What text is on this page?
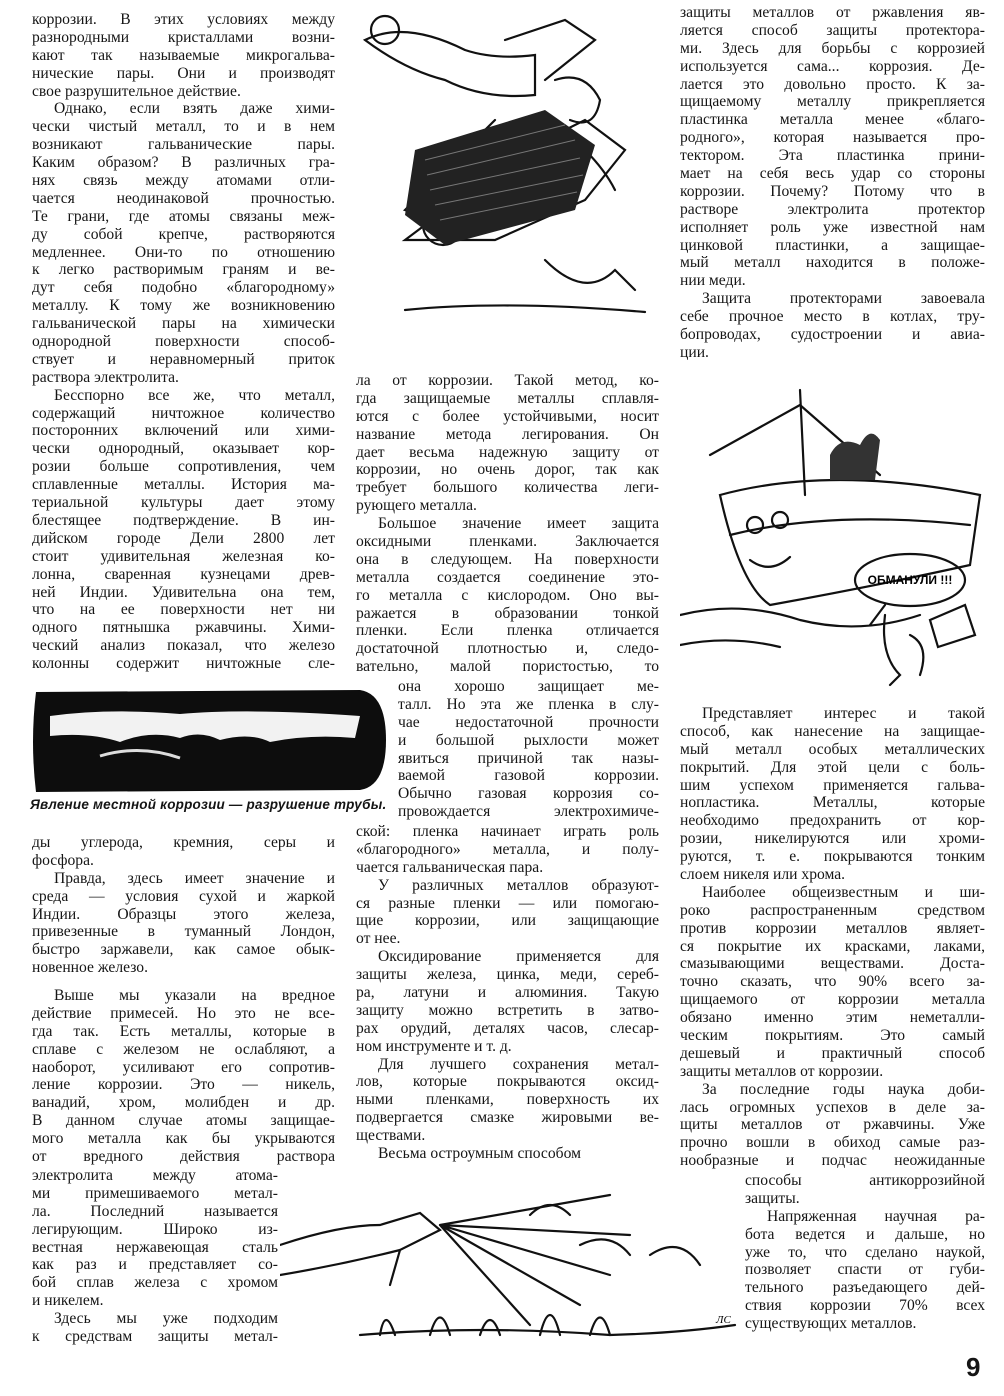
коррозии. В этих условиях между
разнородными кристаллами возни-
кают так называемые микрогальва-
нические пары. Они и производят
свое разрушительное действие.
Однако, если взять даже хими-
чески чистый металл, то и в нем
возникают гальванические пары.
Каким образом? В различных гра-
нях связь между атомами отли-
чается неодинаковой прочностью.
Те грани, где атомы связаны меж-
ду собой крепче, растворяются
медленнее. Они-то по отношению
к легко растворимым граням и ве-
дут себя подобно «благородному»
металлу. К тому же возникновению
гальванической пары на химически
однородной поверхности способ-
ствует и неравномерный приток
раствора электролита.
Бесспорно все же, что металл,
содержащий ничтожное количество
посторонних включений или хими-
чески однородный, оказывает кор-
розии больше сопротивления, чем
сплавленные металлы. История ма-
териальной культуры дает этому
блестящее подтверждение. В ин-
дийском городе Дели 2800 лет
стоит удивительная железная ко-
лонна, сваренная кузнецами древ-
ней Индии. Удивительна она тем,
что на ее поверхности нет ни
одного пятнышка ржавчины. Хими-
ческий анализ показал, что железо
колонны содержит ничтожные сле-
ды углерода, кремния, серы и
фосфора.
Правда, здесь имеет значение и
среда — условия сухой и жаркой
Индии. Образцы этого железа,
привезенные в туманный Лондон,
быстро заржавели, как самое обык-
новенное железо.
Выше мы указали на вредное
действие примесей. Но это не все-
гда так. Есть металлы, которые в
сплаве с железом не ослабляют, а
наоборот, усиливают его сопротив-
ление коррозии. Это — никель,
ванадий, хром, молибден и др.
В данном случае атомы защищае-
мого металла как бы укрываются
от вредного действия раствора
электролита между атома-
ми примешиваемого метал-
ла. Последний называется
легирующим. Широко из-
вестная нержавеющая сталь
как раз и представляет со-
бой сплав железа с хромом
и никелем.
Здесь мы уже подходим
к средствам защиты метал-
ла от коррозии. Такой метод, ко-
гда защищаемые металлы сплавля-
ются с более устойчивыми, носит
название метода легирования. Он
дает весьма надежную защиту от
коррозии, но очень дорог, так как
требует большого количества леги-
рующего металла.
Большое значение имеет защита
оксидными пленками. Заключается
она в следующем. На поверхности
металла создается соединение это-
го металла с кислородом. Оно вы-
ражается в образовании тонкой
пленки. Если пленка отличается
достаточной плотностью и, следо-
вательно, малой пористостью, то
она хорошо защищает ме-
талл. Но эта же пленка в слу-
чае недостаточной прочности
и большой рыхлости может
явиться причиной так назы-
ваемой газовой коррозии.
Обычно газовая коррозия со-
провождается электрохимиче-
ской: пленка начинает играть роль
«благородного» металла, и полу-
чается гальваническая пара.
У различных металлов образуют-
ся разные пленки — или помогаю-
щие коррозии, или защищающие
от нее.
Оксидирование применяется для
защиты железа, цинка, меди, сереб-
ра, латуни и алюминия. Такую
защиту можно встретить в затво-
рах орудий, деталях часов, слесар-
ном инструменте и т. д.
Для лучшего сохранения метал-
лов, которые покрываются оксид-
ными пленками, поверхность их
подвергается смазке жировыми ве-
ществами.
Весьма остроумным способом
защиты металлов от ржавления яв-
ляется способ защиты протектора-
ми. Здесь для борьбы с коррозией
используется сама... коррозия. Де-
лается это довольно просто. К за-
щищаемому металлу прикрепляется
пластинка металла менее «благо-
родного», которая называется про-
тектором. Эта пластинка прини-
мает на себя весь удар со стороны
коррозии. Почему? Потому что в
растворе электролита протектор
исполняет роль уже известной нам
цинковой пластинки, а защищае-
мый металл находится в положе-
нии меди.
Защита протекторами завоевала
себе прочное место в котлах, тру-
бопроводах, судостроении и авиа-
ции.
Представляет интерес и такой
способ, как нанесение на защищае-
мый металл особых металлических
покрытий. Для этой цели с боль-
шим успехом применяется гальва-
нопластика. Металлы, которые
необходимо предохранить от кор-
розии, никелируются или хроми-
руются, т. е. покрываются тонким
слоем никеля или хрома.
Наиболее общеизвестным и ши-
роко распространенным средством
против коррозии металлов являет-
ся покрытие их красками, лаками,
смазывающими веществами. Доста-
точно сказать, что 90% всего за-
щищаемого от коррозии металла
обязано именно этим неметалли-
ческим покрытиям. Это самый
дешевый и практичный способ
защиты металлов от коррозии.
За последние годы наука доби-
лась огромных успехов в деле за-
щиты металлов от ржавчины. Уже
прочно вошли в обиход самые раз-
нообразные и подчас неожиданные
способы антикоррозийной
защиты.
Напряженная научная ра-
бота ведется и дальше, но
уже то, что сделано наукой,
позволяет спасти от губи-
тельного разъедающего дей-
ствия коррозии 70% всех
существующих металлов.
Явление местной коррозии — разрушение трубы.
ОБМАНУЛИ !!!
ЛС
9
